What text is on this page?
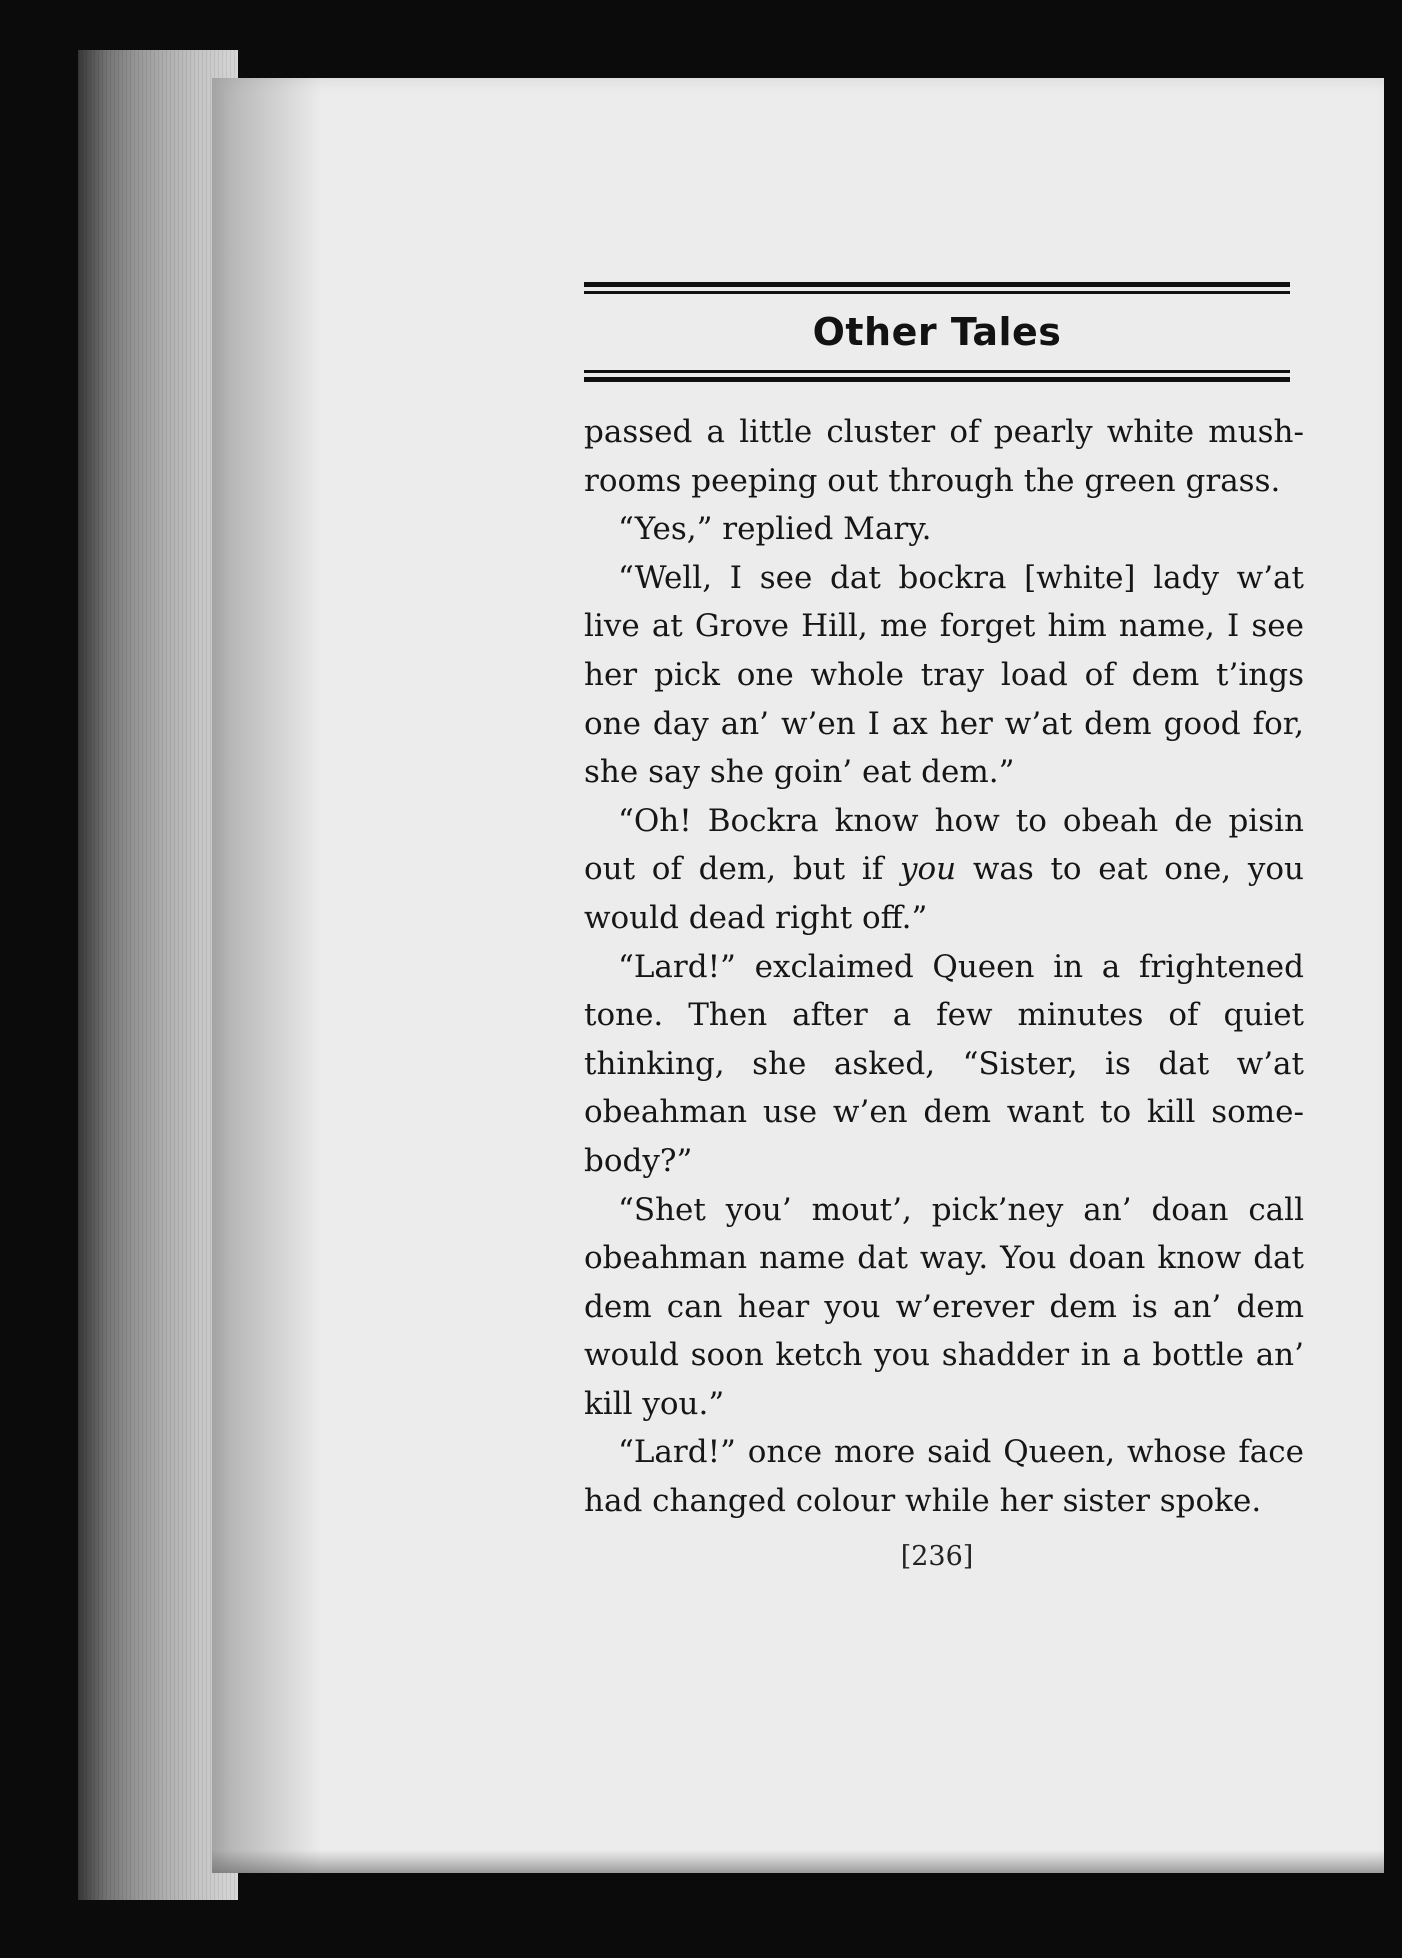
Other Tales

passed a little cluster of pearly white mush- rooms peeping out through the green grass.

“Yes,” replied Mary.

“Well, I see dat bockra [white] lady w’at live at Grove Hill, me forget him name, I see her pick one whole tray load of dem t’ings one day an’ w’en I ax her w’at dem good for, she say she goin’ eat dem.”

“Oh! Bockra know how to obeah de pisin out of dem, but if you was to eat one, you would dead right off.”

“Lard!” exclaimed Queen in a frightened tone. Then after a few minutes of quiet thinking, she asked, “Sister, is dat w’at obeahman use w’en dem want to kill some- body?”

“Shet you’ mout’, pick’ney an’ doan call obeahman name dat way. You doan know dat dem can hear you w’erever dem is an’ dem would soon ketch you shadder in a bottle an’ kill you.”

“Lard!” once more said Queen, whose face had changed colour while her sister spoke.

[236]
